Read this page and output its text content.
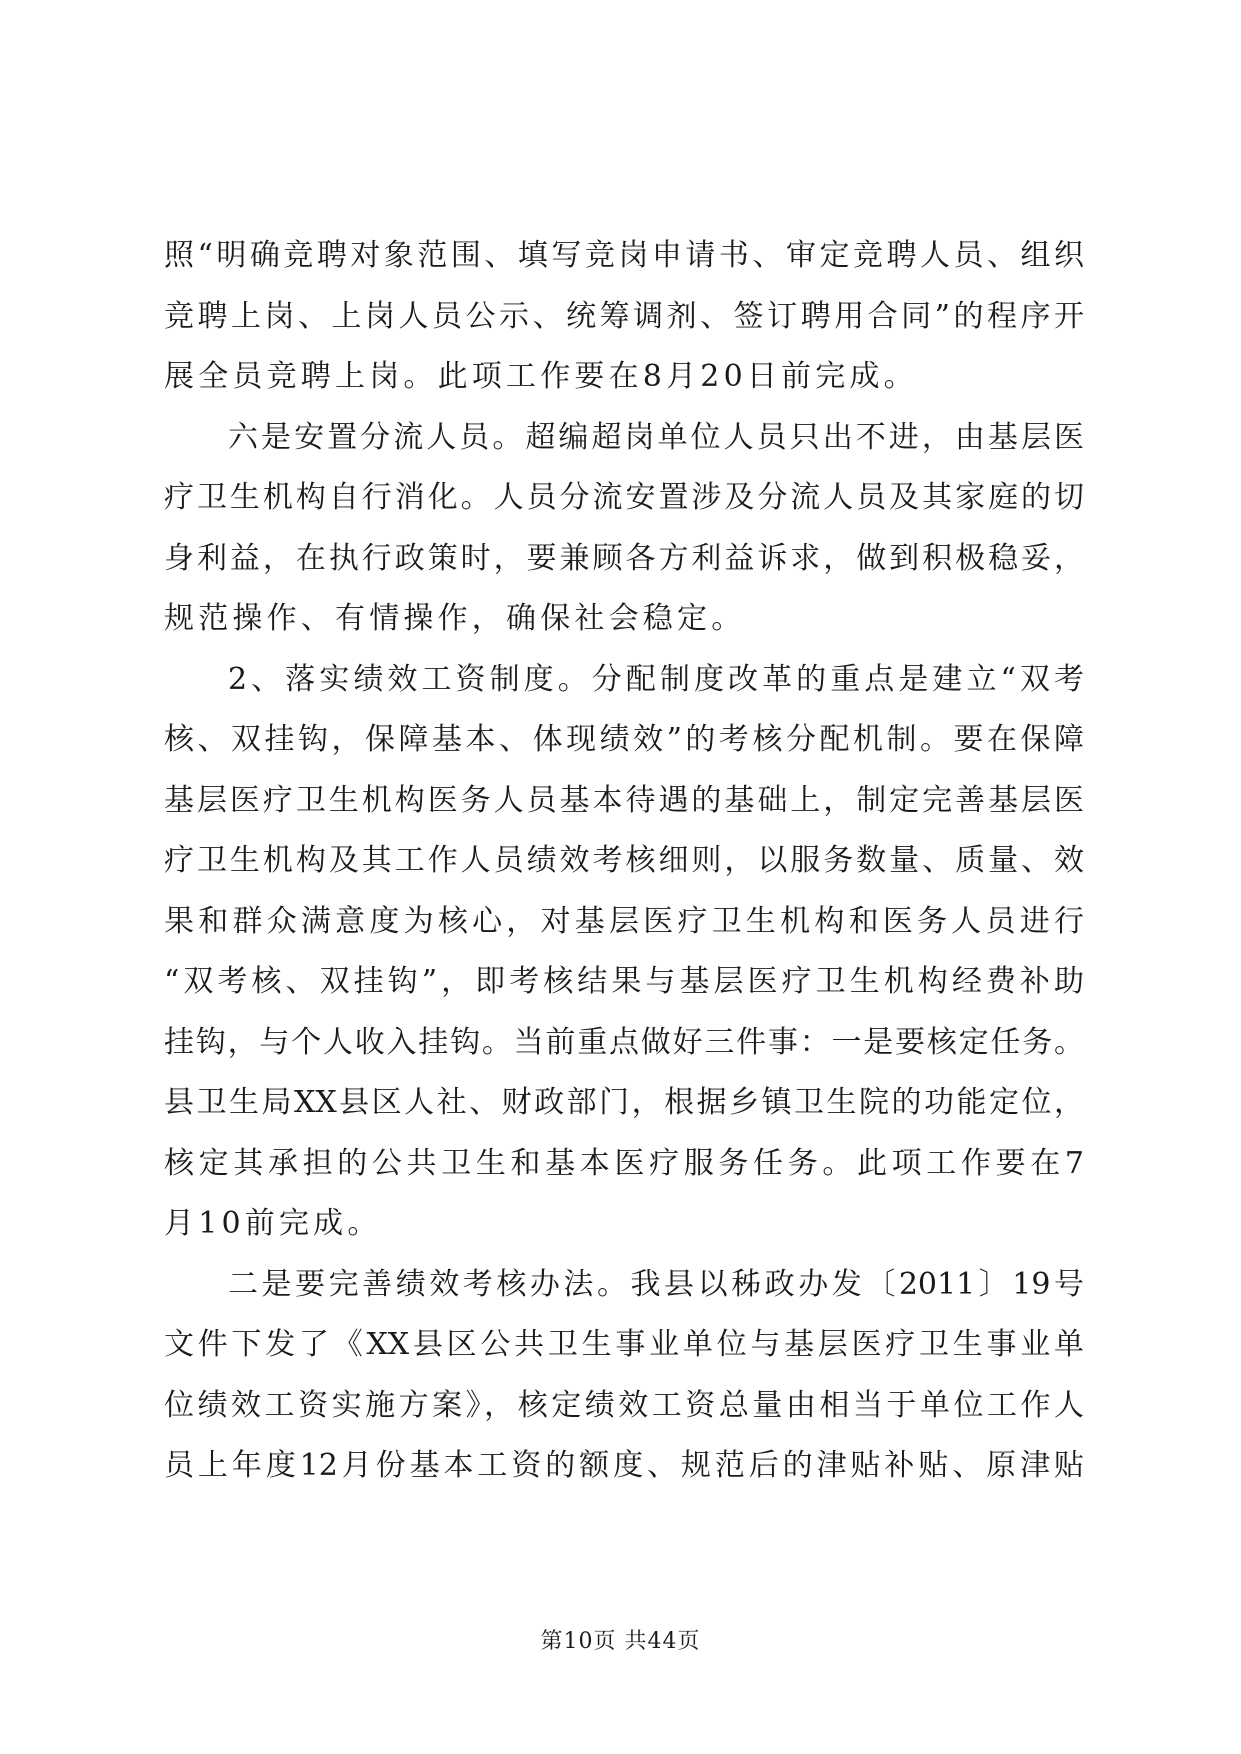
照“明确竞聘对象范围、填写竞岗申请书、审定竞聘人员、组织
竞聘上岗、上岗人员公示、统筹调剂、签订聘用合同”的程序开
展全员竞聘上岗。此项工作要在8月20日前完成。
六是安置分流人员。超编超岗单位人员只出不进，由基层医
疗卫生机构自行消化。人员分流安置涉及分流人员及其家庭的切
身利益，在执行政策时，要兼顾各方利益诉求，做到积极稳妥，
规范操作、有情操作，确保社会稳定。
2、落实绩效工资制度。分配制度改革的重点是建立“双考
核、双挂钩，保障基本、体现绩效”的考核分配机制。要在保障
基层医疗卫生机构医务人员基本待遇的基础上，制定完善基层医
疗卫生机构及其工作人员绩效考核细则，以服务数量、质量、效
果和群众满意度为核心，对基层医疗卫生机构和医务人员进行
“双考核、双挂钩”，即考核结果与基层医疗卫生机构经费补助
挂钩，与个人收入挂钩。当前重点做好三件事：一是要核定任务。
县卫生局XX县区人社、财政部门，根据乡镇卫生院的功能定位，
核定其承担的公共卫生和基本医疗服务任务。此项工作要在7
月10前完成。
二是要完善绩效考核办法。我县以秭政办发〔2011〕19号
文件下发了《XX县区公共卫生事业单位与基层医疗卫生事业单
位绩效工资实施方案》，核定绩效工资总量由相当于单位工作人
员上年度12月份基本工资的额度、规范后的津贴补贴、原津贴
第10页 共44页
